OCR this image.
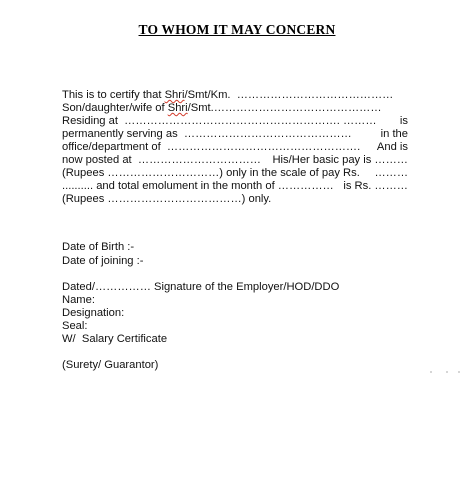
TO WHOM IT MAY CONCERN
This is to certify that Shri/Smt/Km.  ……………………………………
Son/daughter/wife of Shri/Smt.………………………………………
Residing at  …………………………………………………. ……… is
permanently serving as  ………………………………………	in the
office/department of  ……………………………………………. And is
now posted at  …………………………… His/Her basic pay is ………
(Rupees …………………………) only in the scale of pay Rs. ………
.......... and total emolument in the month of …………… is Rs. ………
(Rupees ………………………………) only.
Date of Birth :-
Date of joining :-
Dated/…………… Signature of the Employer/HOD/DDO
Name:
Designation:
Seal:
W/  Salary Certificate
(Surety/ Guarantor)
